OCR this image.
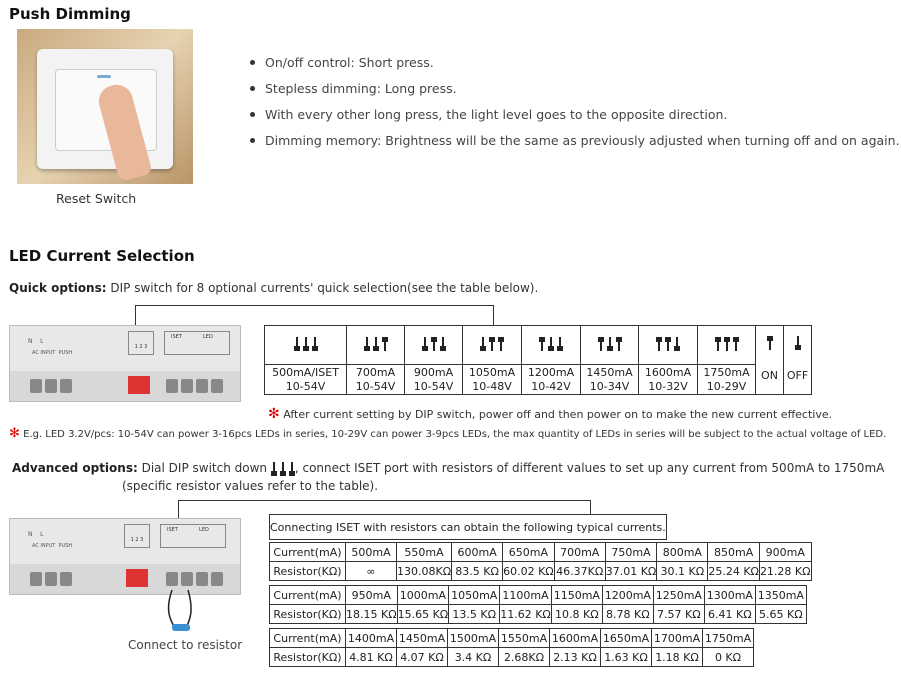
Push Dimming
Reset Switch
On/off control: Short press.
Stepless dimming: Long press.
With every other long press, the light level goes to the opposite direction.
Dimming memory: Brightness will be the same as previously adjusted when turning off and on again.
LED Current Selection
Quick options: DIP switch for 8 optional currents' quick selection(see the table below).
N L
AC INPUT PUSH
1 2 3
ISET	LED

								ON	OFF

500mA/ISET	700mA	900mA	1050mA	1200mA	1450mA	1600mA	1750mA		
10-54V	10-54V	10-54V	10-48V	10-42V	10-34V	10-32V	10-29V		
✻ After current setting by DIP switch, power off and then power on to make the new current effective.
✻ E.g. LED 3.2V/pcs: 10-54V can power 3-16pcs LEDs in series, 10-29V can power 3-9pcs LEDs, the max quantity of LEDs in series will be subject to the actual voltage of LED.
Advanced options: Dial DIP switch down , connect ISET port with resistors of different values to set up any current from 500mA to 1750mA
(specific resistor values refer to the table).
N L
AC INPUT PUSH
1 2 3
ISET	LED
Connect to resistor
Connecting ISET with resistors can obtain the following typical currents.
Current(mA)	500mA	550mA	600mA	650mA	700mA	750mA	800mA	850mA	900mA
Resistor(KΩ)	∞	130.08KΩ	83.5 KΩ	60.02 KΩ	46.37KΩ	37.01 KΩ	30.1 KΩ	25.24 KΩ	21.28 KΩ
Current(mA)	950mA	1000mA	1050mA	1100mA	1150mA	1200mA	1250mA	1300mA	1350mA
Resistor(KΩ)	18.15 KΩ	15.65 KΩ	13.5 KΩ	11.62 KΩ	10.8 KΩ	8.78 KΩ	7.57 KΩ	6.41 KΩ	5.65 KΩ
Current(mA)	1400mA	1450mA	1500mA	1550mA	1600mA	1650mA	1700mA	1750mA
Resistor(KΩ)	4.81 KΩ	4.07 KΩ	3.4 KΩ	2.68KΩ	2.13 KΩ	1.63 KΩ	1.18 KΩ	0 KΩ
